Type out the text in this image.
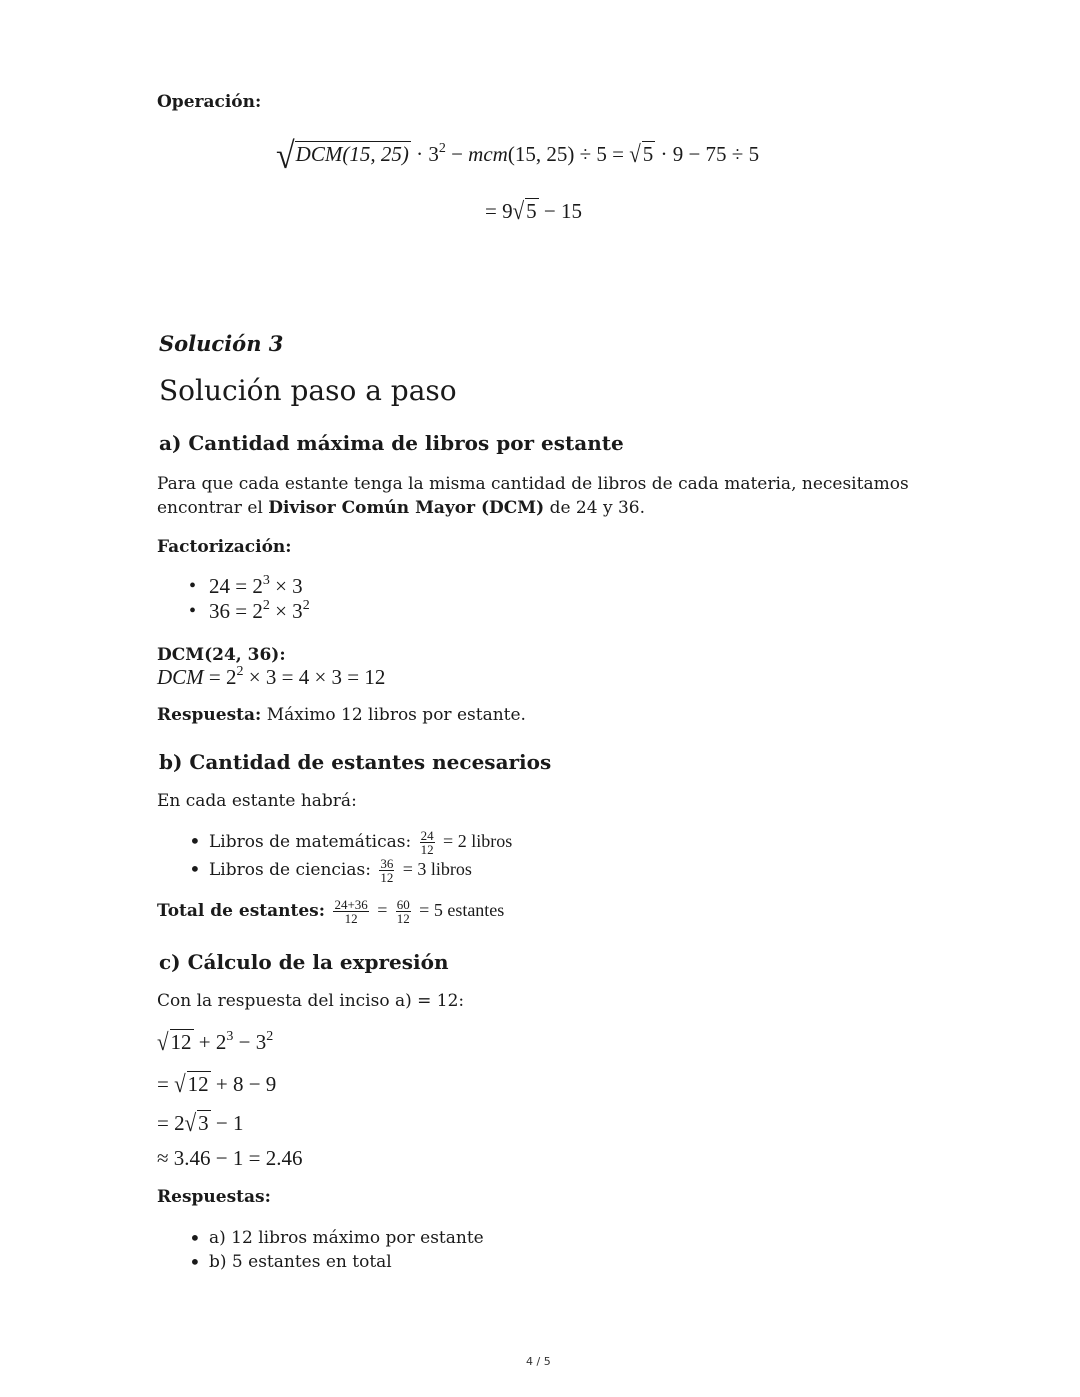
Operación:
√DCM(15, $25) \cdot 3^2 - mcm(15$, 25) ÷ 5 = √5 · 9 − 75 ÷ 5
= 9√5 − 15
Solución 3
Solución paso a paso
a) Cantidad máxima de libros por estante
Para que cada estante tenga la misma cantidad de libros de cada materia, necesitamos
encontrar el Divisor Común Mayor (DCM) de 24 y 36.
Factorización:
• $24 = 2^3 \times 3$
• $36 = 2^2 \times 3^2$
DCM(24, 36):
DCM = $2^2 \times 3 = 4 \times 3 = 12$
Respuesta: Máximo 12 libros por estante.
b) Cantidad de estantes necesarios
En cada estante habrá:
• Libros de matemáticas: $\frac{24}{12} = 2$ libros
• Libros de ciencias: $\frac{36}{12} = 3$ libros
Total de estantes: $\frac{24+36}{12} = \frac{60}{12} = 5$ estantes
c) Cálculo de la expresión
Con la respuesta del inciso a) = 12:
$√12 + 2^3 - 3^2$
= √12 + 8 − 9
= 2√3 − 1
≈ 3.46 − 1 = 2.46
Respuestas:
• a) 12 libros máximo por estante
• b) 5 estantes en total
4 / 5
